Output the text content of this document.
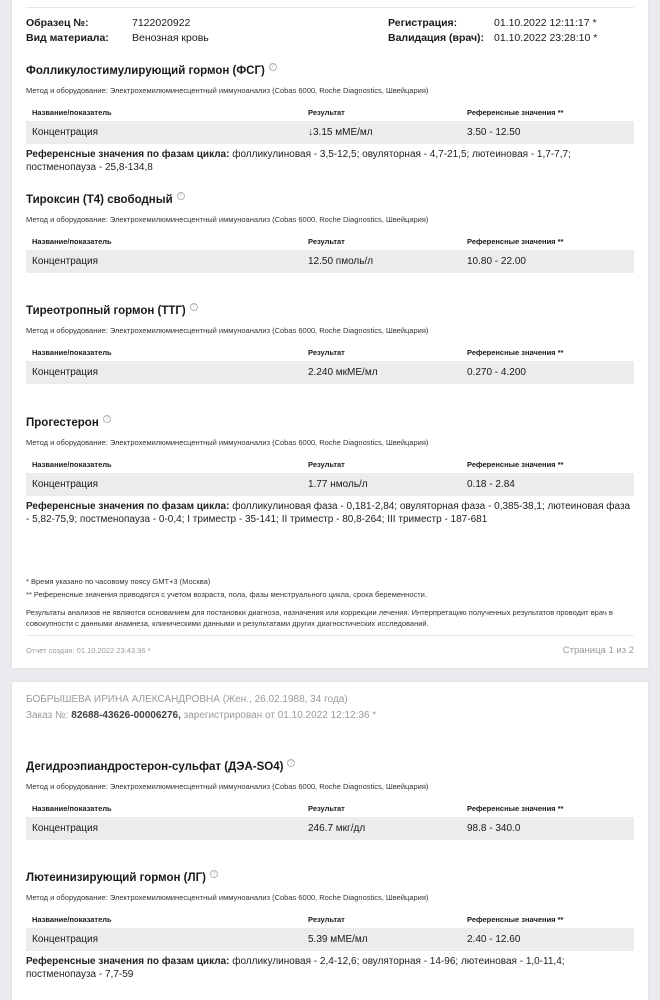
Образец №:	7122020922	Регистрация:	01.10.2022 12:11:17 *
Вид материала:	Венозная кровь	Валидация (врач): 01.10.2022 23:28:10 *
Фолликулостимулирующий гормон (ФСГ)	?
Метод и оборудование: Электрохемилюминесцентный иммуноанализ (Cobas 6000, Roche Diagnostics, Швейцария)
Название/показатель	Результат	Референсные значения **
Концентрация	↓3.15 мМЕ/мл	3.50 - 12.50
Референсные значения по фазам цикла: фолликулиновая - 3,5-12,5; овуляторная - 4,7-21,5; лютеиновая - 1,7-7,7; постменопауза - 25,8-134,8
Тироксин (Т4) свободный	?
Метод и оборудование: Электрохемилюминесцентный иммуноанализ (Cobas 6000, Roche Diagnostics, Швейцария)
Название/показатель	Результат	Референсные значения **
Концентрация	12.50 пмоль/л	10.80 - 22.00
Тиреотропный гормон (ТТГ)	?
Метод и оборудование: Электрохемилюминесцентный иммуноанализ (Cobas 6000, Roche Diagnostics, Швейцария)
Название/показатель	Результат	Референсные значения **
Концентрация	2.240 мкМЕ/мл	0.270 - 4.200
Прогестерон	?
Метод и оборудование: Электрохемилюминесцентный иммуноанализ (Cobas 6000, Roche Diagnostics, Швейцария)
Название/показатель	Результат	Референсные значения **
Концентрация	1.77 нмоль/л	0.18 - 2.84
Референсные значения по фазам цикла: фолликулиновая фаза - 0,181-2,84; овуляторная фаза - 0,385-38,1; лютеиновая фаза - 5,82-75,9; постменопауза - 0-0,4; I триместр - 35-141; II триместр - 80,8-264; III триместр - 187-681
* Время указано по часовому поясу GMT+3 (Москва)
** Референсные значения приводятся с учетом возраста, пола, фазы менструального цикла, срока беременности.
Результаты анализов не являются основанием для постановки диагноза, назначения или коррекции лечения. Интерпретацию полученных результатов проводит врач в совокупности с данными анамнеза, клиническими данными и результатами других диагностических исследований.
Отчет создан: 01.10.2022 23:43:36 *	Страница 1 из 2
БОБРЫШЕВА ИРИНА АЛЕКСАНДРОВНА (Жен., 26.02.1988, 34 года)
Заказ №: 82688-43626-00006276, зарегистрирован от 01.10.2022 12:12:36 *
Дегидроэпиандростерон-сульфат (ДЭА-SO4)	?
Метод и оборудование: Электрохемилюминесцентный иммуноанализ (Cobas 6000, Roche Diagnostics, Швейцария)
Название/показатель	Результат	Референсные значения **
Концентрация	246.7 мкг/дл	98.8 - 340.0
Лютеинизирующий гормон (ЛГ)	?
Метод и оборудование: Электрохемилюминесцентный иммуноанализ (Cobas 6000, Roche Diagnostics, Швейцария)
Название/показатель	Результат	Референсные значения **
Концентрация	5.39 мМЕ/мл	2.40 - 12.60
Референсные значения по фазам цикла: фолликулиновая - 2,4-12,6; овуляторная - 14-96; лютеиновая - 1,0-11,4; постменопауза - 7,7-59
